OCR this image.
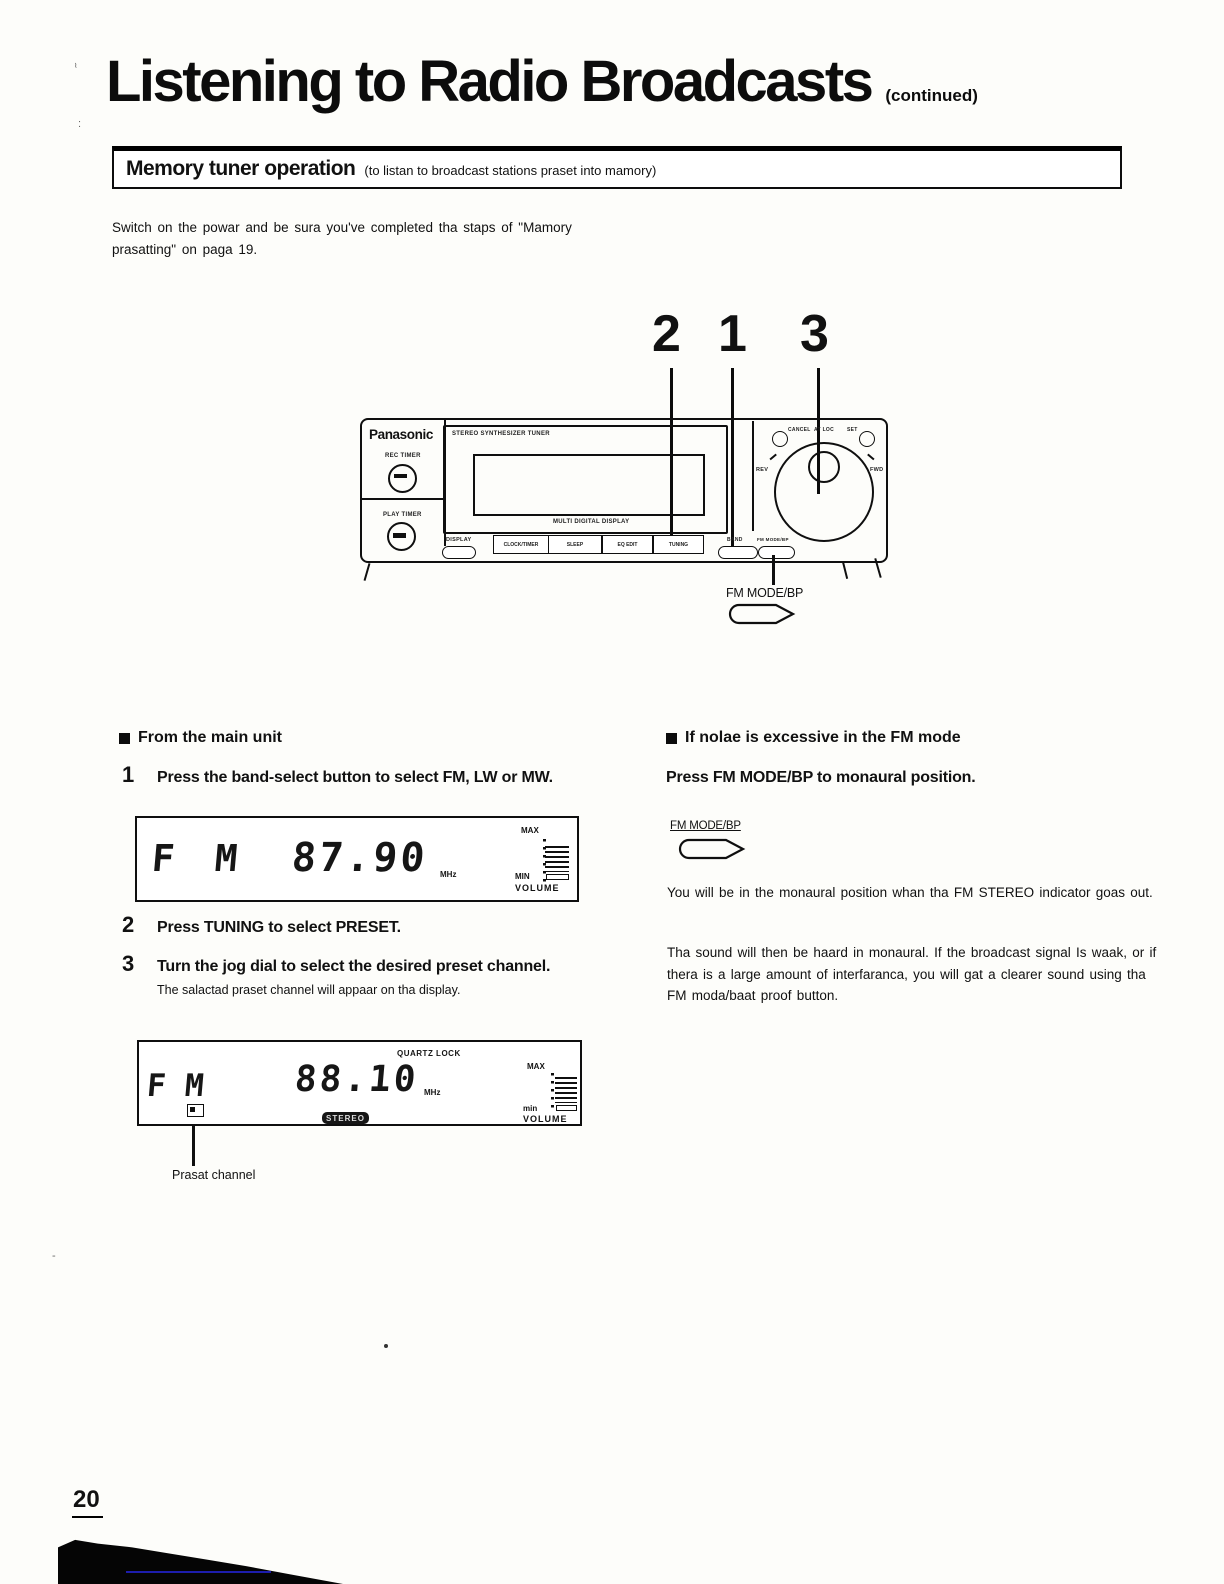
~
:
Listening to Radio Broadcasts (continued)
Memory tuner operation (to listan to broadcast stations praset into mamory)

Switch on the powar and be sura you've completed tha staps of "Mamory prasatting" on paga 19.

2 1 3
Panasonic
REC TIMER
PLAY TIMER
STEREO SYNTHESIZER TUNER
MULTI DIGITAL DISPLAY
DISPLAY
CLOCK/TIMER	SLEEP	EQ EDIT	TUNING
BAND	FM MODE/BP
CANCEL AT LOC	SET
REV	FWD
FM MODE/BP
From the main unit
1 Press the band-select button to select FM, LW or MW.
F M 87.90 MHz
MAX
MIN
VOLUME
2 Press TUNING to select PRESET.
3 Turn the jog dial to select the desired preset channel.
The salactad praset channel will appaar on tha display.
QUARTZ LOCK
F M 88.10 MHz
STEREO
MAX
min
VOLUME
Prasat channel
If nolae is excessive in the FM mode
Press FM MODE/BP to monaural position.
FM MODE/BP
You will be in the monaural position whan tha FM STEREO indicator goas out.
Tha sound will then be haard in monaural. If the broadcast signal Is waak, or if thera is a large amount of interfaranca, you will gat a clearer sound using tha FM moda/baat proof button.
-
20
